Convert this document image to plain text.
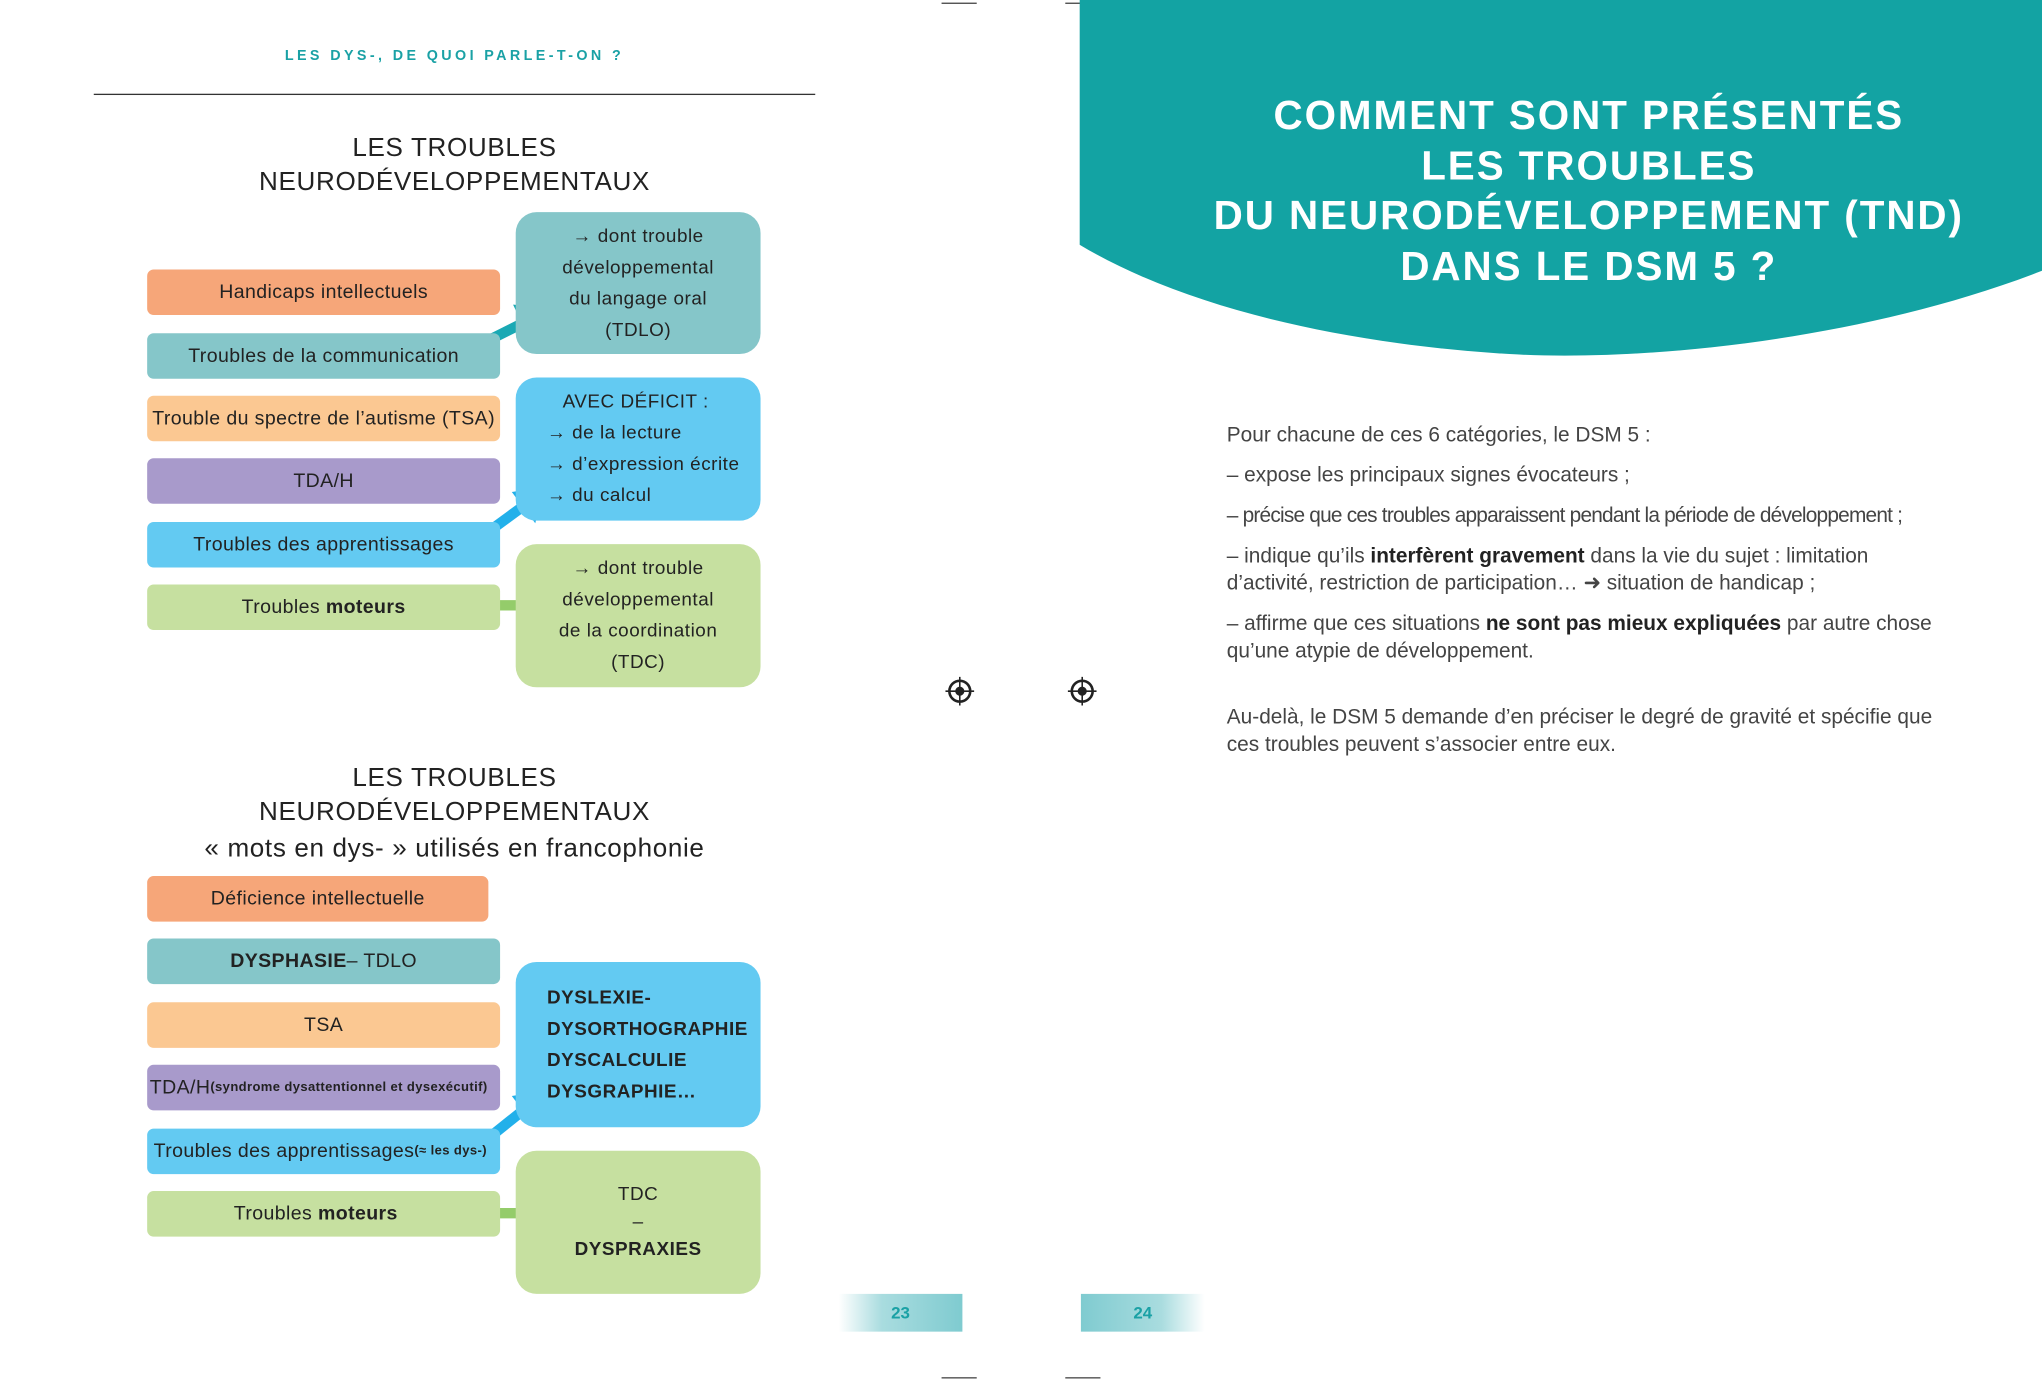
LES DYS-, DE QUOI PARLE-T-ON ?
LES TROUBLES
NEURODÉVELOPPEMENTAUX
Handicaps intellectuels
Troubles de la communication
Trouble du spectre de l’autisme (TSA)
TDA/H
Troubles des apprentissages
Troubles
moteurs
→ dont trouble
développemental
du langage oral
(TDLO)
AVEC DÉFICIT :
→ de la lecture
→ d’expression écrite
→ du calcul
→ dont trouble
développemental
de la coordination
(TDC)
LES TROUBLES
NEURODÉVELOPPEMENTAUX
« mots en dys- » utilisés en francophonie
Déficience intellectuelle
DYSPHASIE – TDLO
TSA
TDA/H (syndrome dysattentionnel et dysexécutif)
Troubles des apprentissages (≈ les dys-)
Troubles
moteurs
DYSLEXIE-
DYSORTHOGRAPHIE
DYSCALCULIE
DYSGRAPHIE…
TDC
–
DYSPRAXIES
23
COMMENT SONT PRÉSENTÉS
LES TROUBLES
DU NEURODÉVELOPPEMENT (TND)
DANS LE DSM 5 ?

Pour chacune de ces 6 catégories, le DSM 5 :

– expose les principaux signes évocateurs ;

– précise que ces troubles apparaissent pendant la période de développement ;

– indique qu’ils interfèrent gravement dans la vie du sujet : limitation d’activité, restriction de participation… ➜ situation de handicap ;

– affirme que ces situations ne sont pas mieux expliquées par autre chose qu’une atypie de développement.

Au-delà, le DSM 5 demande d’en préciser le degré de gravité et spécifie que ces troubles peuvent s’associer entre eux.

24
